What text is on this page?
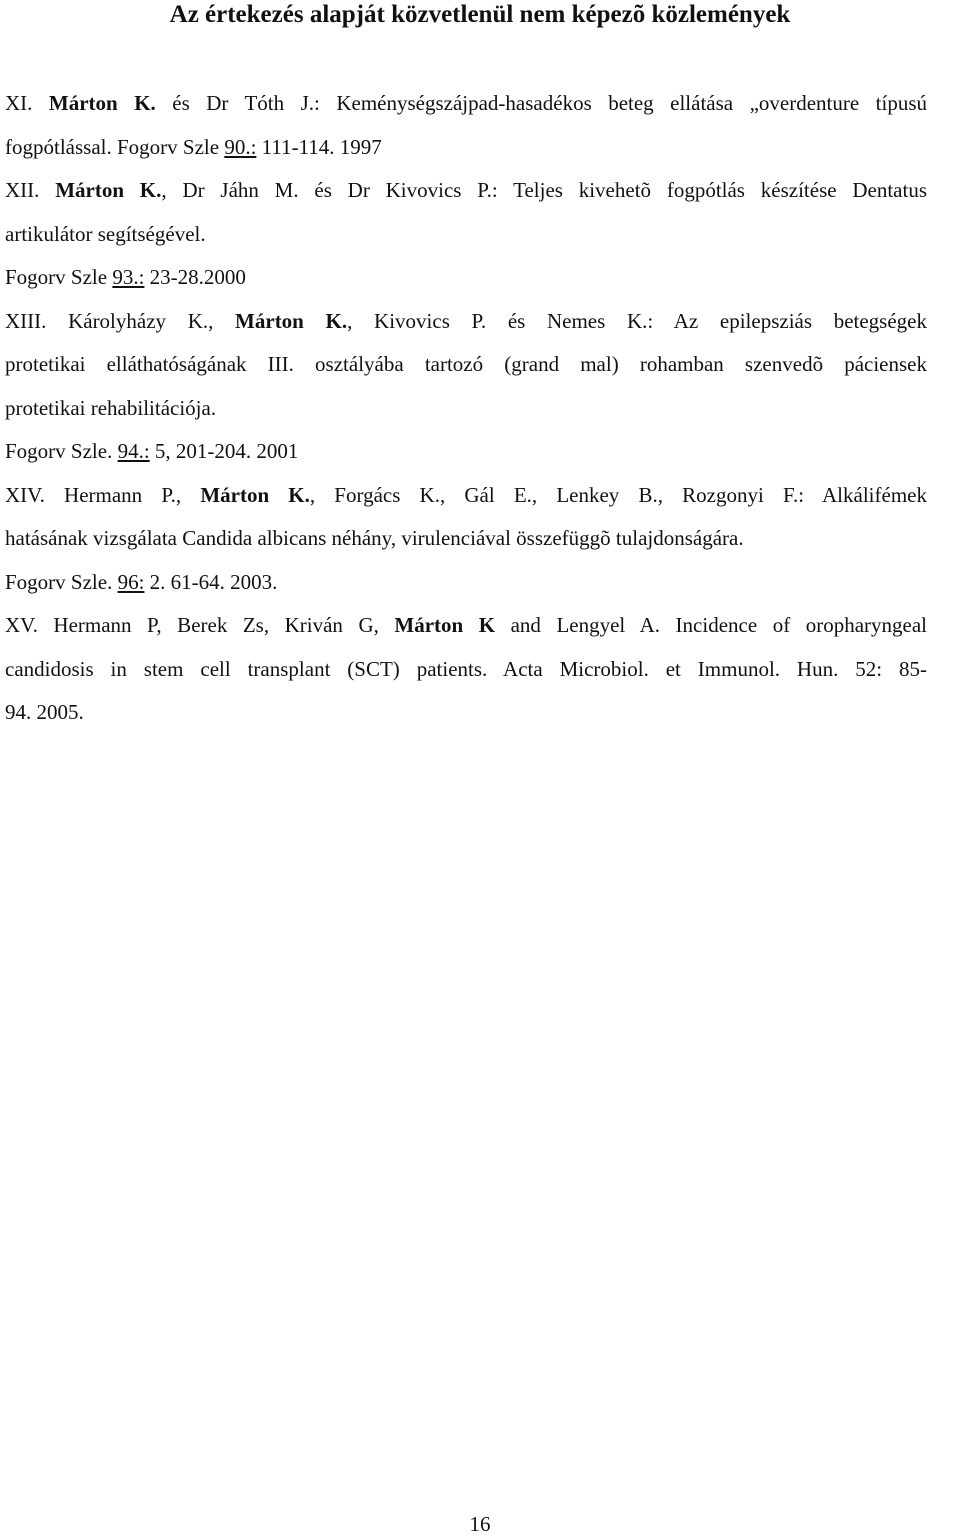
Az értekezés alapját közvetlenül nem képezõ közlemények
XI. Márton K. és Dr Tóth J.: Keménységszájpad-hasadékos beteg ellátása „overdenture típusú
fogpótlással. Fogorv Szle 90.: 111-114. 1997
XII. Márton K., Dr Jáhn M. és Dr Kivovics P.: Teljes kivehetõ fogpótlás készítése Dentatus
artikulátor segítségével.
Fogorv Szle 93.: 23-28.2000
XIII. Károlyházy K., Márton K., Kivovics P. és Nemes K.: Az epilepsziás betegségek
protetikai elláthatóságának III. osztályába tartozó (grand mal) rohamban szenvedõ páciensek
protetikai rehabilitációja.
Fogorv Szle. 94.: 5, 201-204. 2001
XIV. Hermann P., Márton K., Forgács K., Gál E., Lenkey B., Rozgonyi F.: Alkálifémek
hatásának vizsgálata Candida albicans néhány, virulenciával összefüggõ tulajdonságára.
Fogorv Szle. 96: 2. 61-64. 2003.
XV. Hermann P, Berek Zs, Kriván G, Márton K and Lengyel A. Incidence of oropharyngeal
candidosis in stem cell transplant (SCT) patients. Acta Microbiol. et Immunol. Hun. 52: 85-
94. 2005.
16
